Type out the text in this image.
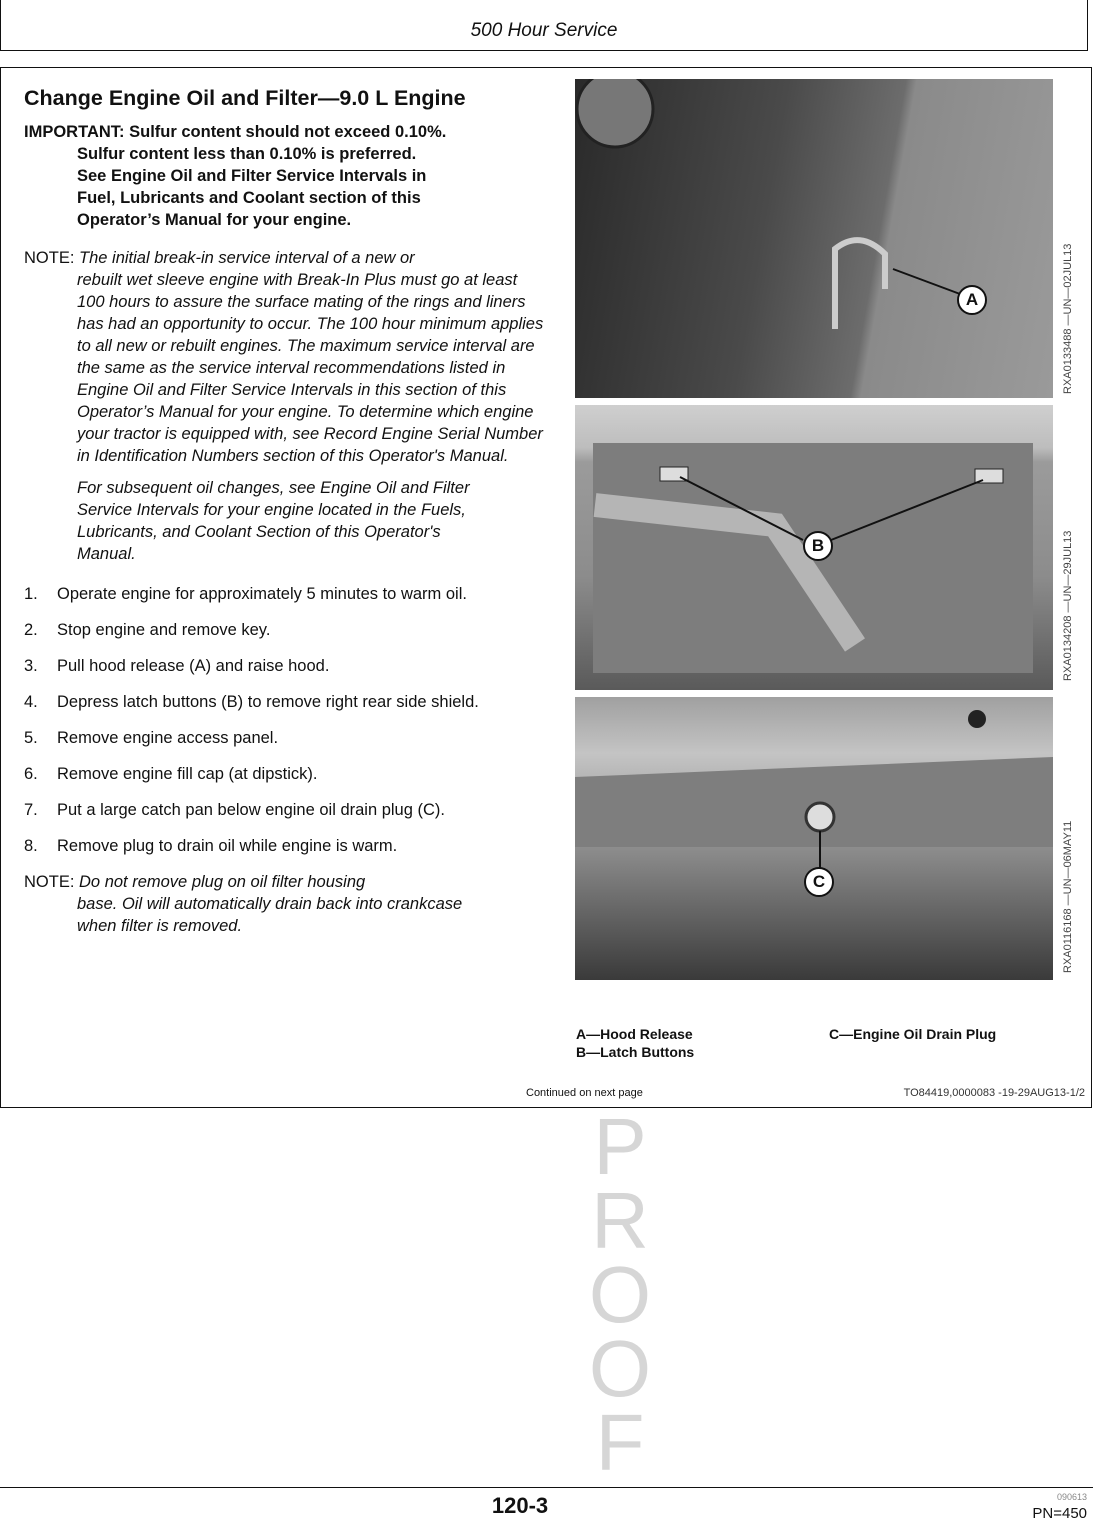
500 Hour Service
PROOF
Change Engine Oil and Filter—9.0 L Engine
IMPORTANT: Sulfur content should not exceed 0.10%.
Sulfur content less than 0.10% is preferred.
See Engine Oil and Filter Service Intervals in
Fuel, Lubricants and Coolant section of this
Operator’s Manual for your engine.
NOTE: The initial break-in service interval of a new or
rebuilt wet sleeve engine with Break-In Plus must go at least 100 hours to assure the surface mating of the rings and liners has had an opportunity to occur. The 100 hour minimum applies to all new or rebuilt engines. The maximum service interval are the same as the service interval recommendations listed in Engine Oil and Filter Service Intervals in this section of this Operator’s Manual for your engine. To determine which engine your tractor is equipped with, see Record Engine Serial Number in Identification Numbers section of this Operator's Manual.
For subsequent oil changes, see Engine Oil and Filter Service Intervals for your engine located in the Fuels, Lubricants, and Coolant Section of this Operator's Manual.
1.	Operate engine for approximately 5 minutes to warm oil.
2.	Stop engine and remove key.
3.	Pull hood release (A) and raise hood.
4.	Depress latch buttons (B) to remove right rear side shield.
5.	Remove engine access panel.
6.	Remove engine fill cap (at dipstick).
7.	Put a large catch pan below engine oil drain plug (C).
8.	Remove plug to drain oil while engine is warm.
NOTE: Do not remove plug on oil filter housing
base. Oil will automatically drain back into crankcase when filter is removed.
A
B
C
RXA0133488 —UN—02JUL13
RXA0134208 —UN—29JUL13
RXA0116168 —UN—06MAY11
A—Hood Release
B—Latch Buttons
C—Engine Oil Drain Plug
Continued on next page	TO84419,0000083 -19-29AUG13-1/2
120-3	090613
PN=450
